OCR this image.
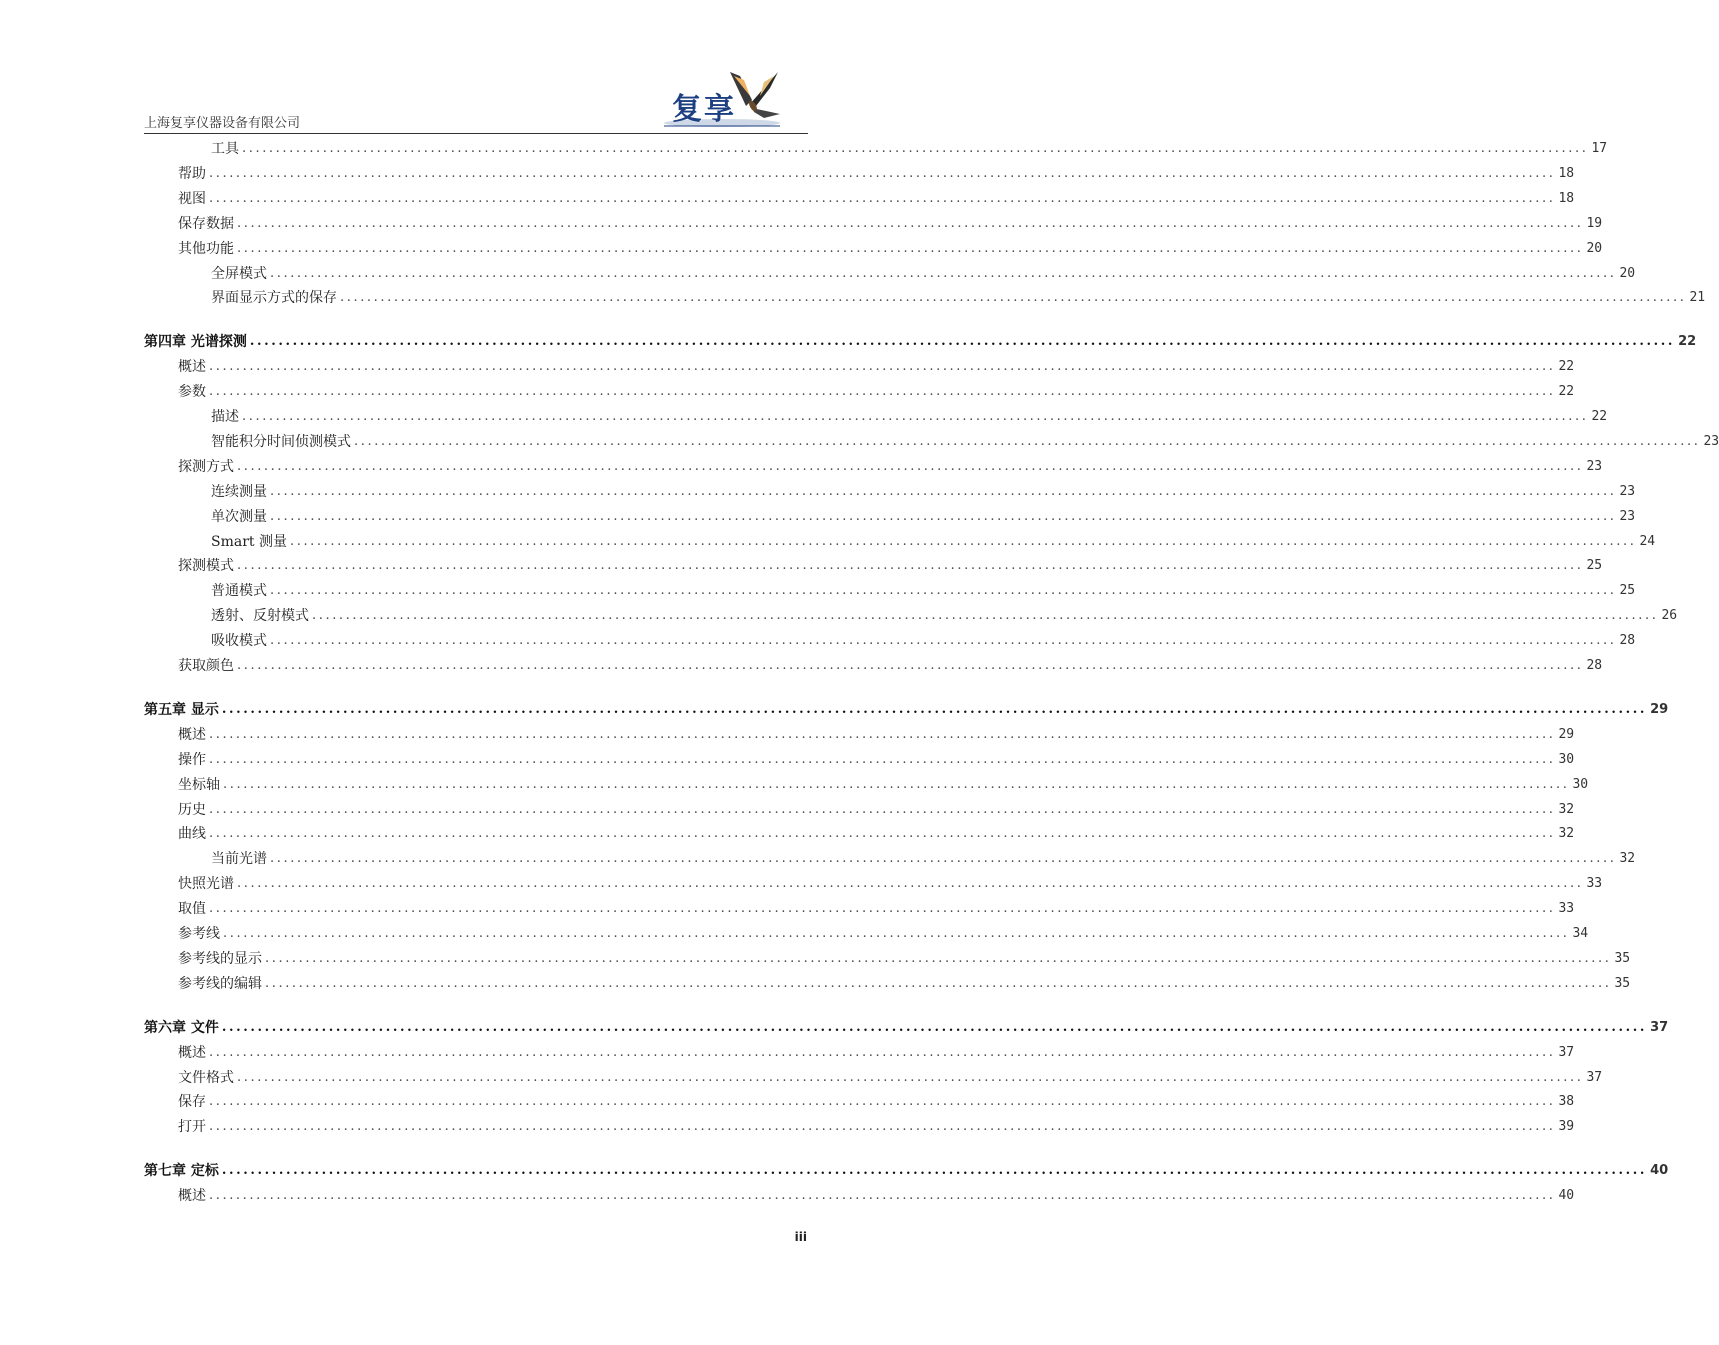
上海复享仪器设备有限公司	复享
工具 ........................................................................................................................................................................................................ 17
帮助 ........................................................................................................................................................................................................ 18
视图 ........................................................................................................................................................................................................ 18
保存数据 ........................................................................................................................................................................................................ 19
其他功能 ........................................................................................................................................................................................................ 20
全屏模式 ........................................................................................................................................................................................................ 20
界面显示方式的保存 ........................................................................................................................................................................................................ 21
第四章 光谱探测 ........................................................................................................................................................................................................ 22
概述 ........................................................................................................................................................................................................ 22
参数 ........................................................................................................................................................................................................ 22
描述 ........................................................................................................................................................................................................ 22
智能积分时间侦测模式 ........................................................................................................................................................................................................ 23
探测方式 ........................................................................................................................................................................................................ 23
连续测量 ........................................................................................................................................................................................................ 23
单次测量 ........................................................................................................................................................................................................ 23
Smart 测量 ........................................................................................................................................................................................................ 24
探测模式 ........................................................................................................................................................................................................ 25
普通模式 ........................................................................................................................................................................................................ 25
透射、反射模式 ........................................................................................................................................................................................................ 26
吸收模式 ........................................................................................................................................................................................................ 28
获取颜色 ........................................................................................................................................................................................................ 28
第五章 显示 ........................................................................................................................................................................................................ 29
概述 ........................................................................................................................................................................................................ 29
操作 ........................................................................................................................................................................................................ 30
坐标轴 ........................................................................................................................................................................................................ 30
历史 ........................................................................................................................................................................................................ 32
曲线 ........................................................................................................................................................................................................ 32
当前光谱 ........................................................................................................................................................................................................ 32
快照光谱 ........................................................................................................................................................................................................ 33
取值 ........................................................................................................................................................................................................ 33
参考线 ........................................................................................................................................................................................................ 34
参考线的显示 ........................................................................................................................................................................................................ 35
参考线的编辑 ........................................................................................................................................................................................................ 35
第六章 文件 ........................................................................................................................................................................................................ 37
概述 ........................................................................................................................................................................................................ 37
文件格式 ........................................................................................................................................................................................................ 37
保存 ........................................................................................................................................................................................................ 38
打开 ........................................................................................................................................................................................................ 39
第七章 定标 ........................................................................................................................................................................................................ 40
概述 ........................................................................................................................................................................................................ 40
iii
